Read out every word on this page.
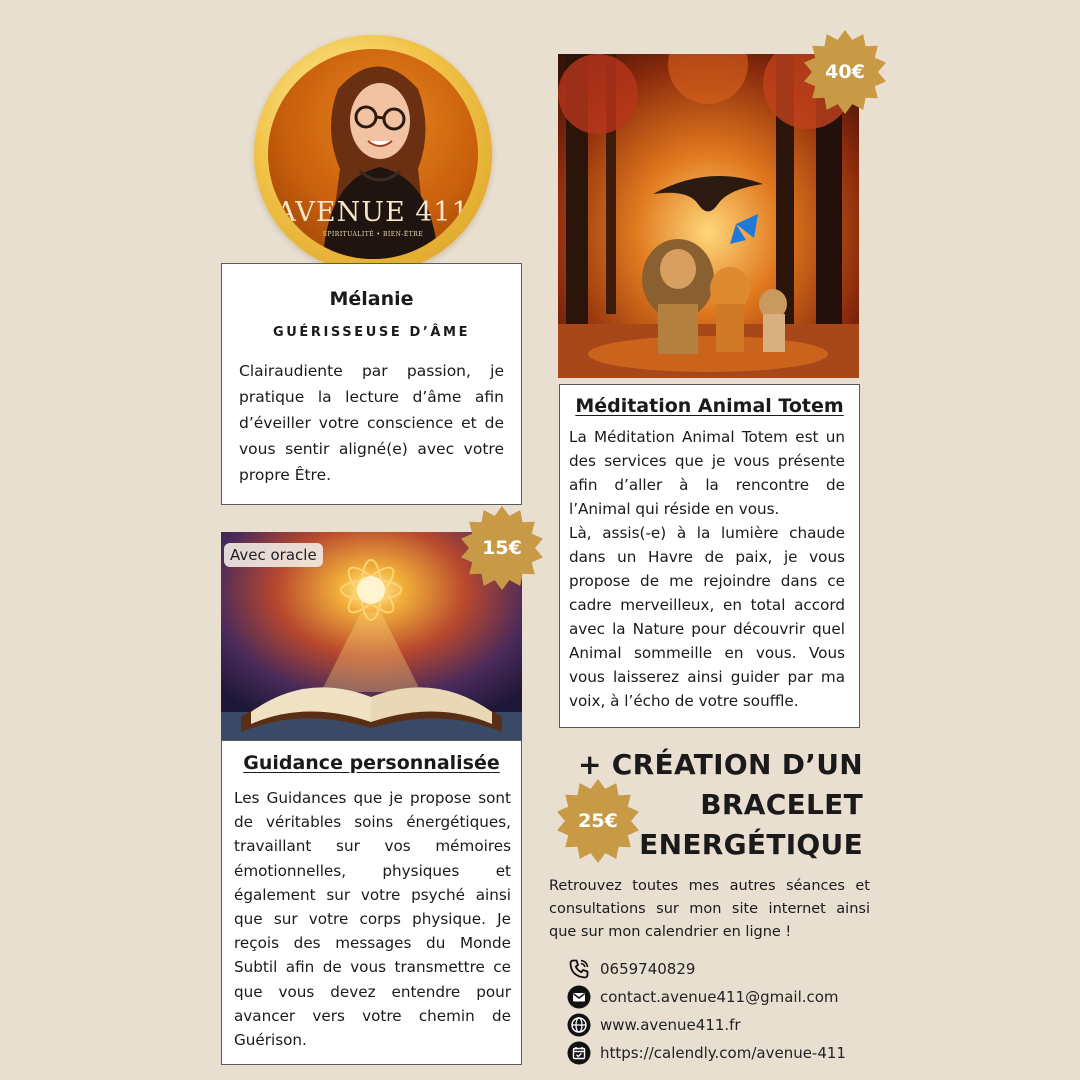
AVENUE 411
SPIRITUALITÉ • BIEN-ÊTRE
Mélanie
GUÉRISSEUSE D’ÂME
Clairaudiente par passion, je pratique la lecture d’âme afin d’éveiller votre conscience et de vous sentir aligné(e) avec votre propre Être.
40€
Méditation Animal Totem

La Méditation Animal Totem est un des services que je vous présente afin d’aller à la rencontre de l’Animal qui réside en vous.

Là, assis(-e) à la lumière chaude dans un Havre de paix, je vous propose de me rejoindre dans ce cadre merveilleux, en total accord avec la Nature pour découvrir quel Animal sommeille en vous. Vous vous laisserez ainsi guider par ma voix, à l’écho de votre souffle.

Avec oracle	15€
Guidance personnalisée
Les Guidances que je propose sont de véritables soins énergétiques, travaillant sur vos mémoires émotionnelles, physiques et également sur votre psyché ainsi que sur votre corps physique. Je reçois des messages du Monde Subtil afin de vous transmettre ce que vous devez entendre pour avancer vers votre chemin de Guérison.
25€
+ CRÉATION D’UN
BRACELET
ENERGÉTIQUE
Retrouvez toutes mes autres séances et consultations sur mon site internet ainsi que sur mon calendrier en ligne !
0659740829
contact.avenue411@gmail.com
www.avenue411.fr
https://calendly.com/avenue-411
